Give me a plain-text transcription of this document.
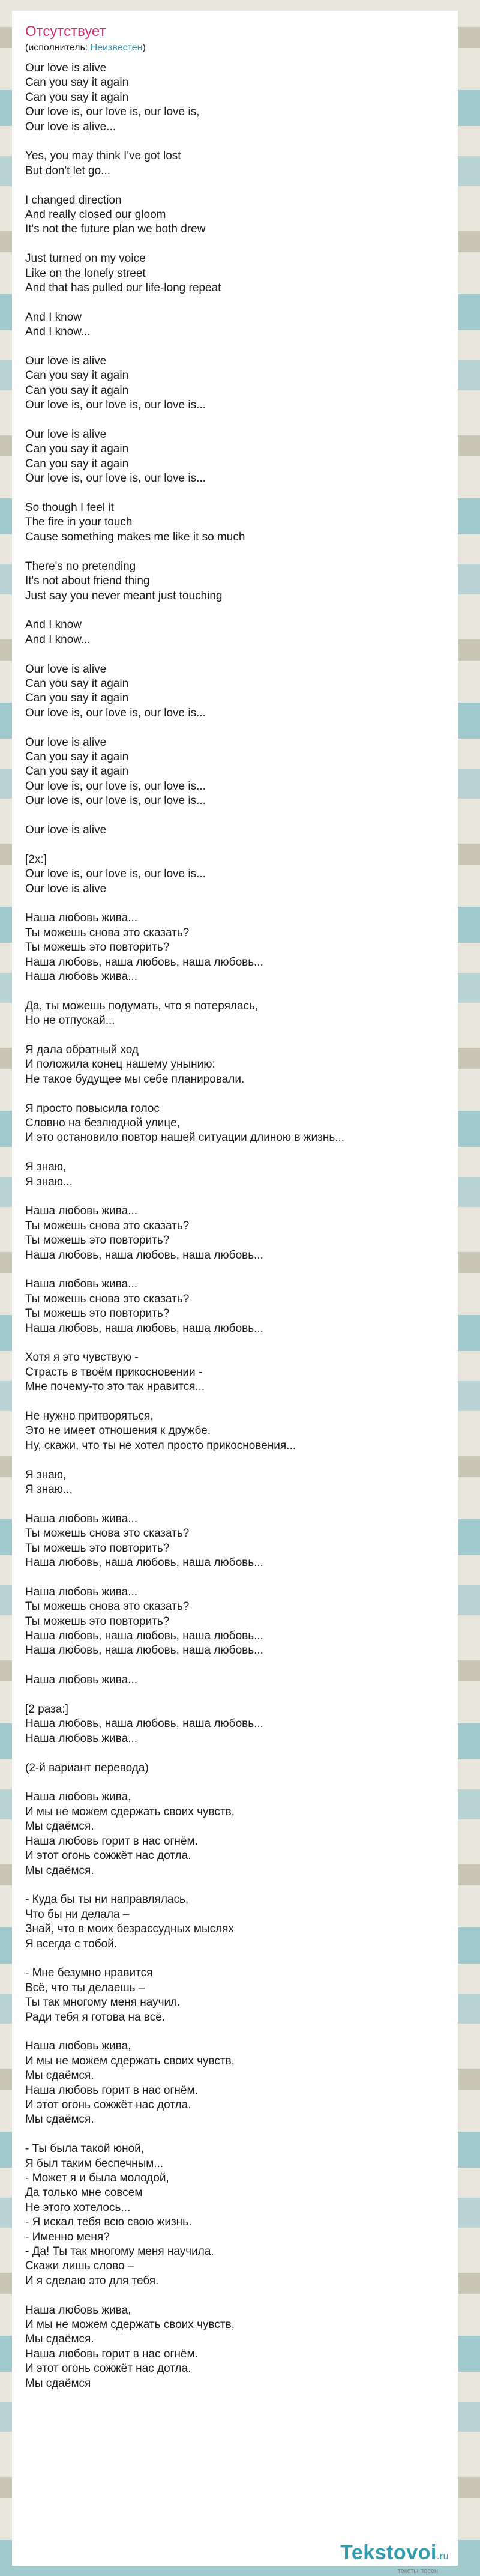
Отсутствует
(исполнитель: Неизвестен)
Our love is alive
Can you say it again
Can you say it again
Our love is, our love is, our love is,
Our love is alive...
Yes, you may think I've got lost
But don't let go...
I changed direction
And really closed our gloom
It's not the future plan we both drew
Just turned on my voice
Like on the lonely street
And that has pulled our life-long repeat
And I know
And I know...
Our love is alive
Can you say it again
Can you say it again
Our love is, our love is, our love is...
Our love is alive
Can you say it again
Can you say it again
Our love is, our love is, our love is...
So though I feel it
The fire in your touch
Cause something makes me like it so much
There's no pretending
It's not about friend thing
Just say you never meant just touching
And I know
And I know...
Our love is alive
Can you say it again
Can you say it again
Our love is, our love is, our love is...
Our love is alive
Can you say it again
Can you say it again
Our love is, our love is, our love is...
Our love is, our love is, our love is...
Our love is alive
[2x:]
Our love is, our love is, our love is...
Our love is alive
Наша любовь жива...
Ты можешь снова это сказать?
Ты можешь это повторить?
Наша любовь, наша любовь, наша любовь...
Наша любовь жива...
Да, ты можешь подумать, что я потерялась,
Но не отпускай...
Я дала обратный ход
И положила конец нашему унынию:
Не такое будущее мы себе планировали.
Я просто повысила голос
Словно на безлюдной улице,
И это остановило повтор нашей ситуации длиною в жизнь...
Я знаю,
Я знаю...
Наша любовь жива...
Ты можешь снова это сказать?
Ты можешь это повторить?
Наша любовь, наша любовь, наша любовь...
Наша любовь жива...
Ты можешь снова это сказать?
Ты можешь это повторить?
Наша любовь, наша любовь, наша любовь...
Хотя я это чувствую -
Страсть в твоём прикосновении -
Мне почему-то это так нравится...
Не нужно притворяться,
Это не имеет отношения к дружбе.
Ну, скажи, что ты не хотел просто прикосновения...
Я знаю,
Я знаю...
Наша любовь жива...
Ты можешь снова это сказать?
Ты можешь это повторить?
Наша любовь, наша любовь, наша любовь...
Наша любовь жива...
Ты можешь снова это сказать?
Ты можешь это повторить?
Наша любовь, наша любовь, наша любовь...
Наша любовь, наша любовь, наша любовь...
Наша любовь жива...
[2 раза:]
Наша любовь, наша любовь, наша любовь...
Наша любовь жива...
(2-й вариант перевода)
Наша любовь жива,
И мы не можем сдержать своих чувств,
Мы сдаёмся.
Наша любовь горит в нас огнём.
И этот огонь сожжёт нас дотла.
Мы сдаёмся.
- Куда бы ты ни направлялась,
Что бы ни делала –
Знай, что в моих безрассудных мыслях
Я всегда с тобой.
- Мне безумно нравится
Всё, что ты делаешь –
Ты так многому меня научил.
Ради тебя я готова на всё.
Наша любовь жива,
И мы не можем сдержать своих чувств,
Мы сдаёмся.
Наша любовь горит в нас огнём.
И этот огонь сожжёт нас дотла.
Мы сдаёмся.
- Ты была такой юной,
Я был таким беспечным...
- Может я и была молодой,
Да только мне совсем
Не этого хотелось...
- Я искал тебя всю свою жизнь.
- Именно меня?
- Да! Ты так многому меня научила.
Скажи лишь слово –
И я сделаю это для тебя.
Наша любовь жива,
И мы не можем сдержать своих чувств,
Мы сдаёмся.
Наша любовь горит в нас огнём.
И этот огонь сожжёт нас дотла.
Мы сдаёмся
Tekstovoi.ru
тексты песен
